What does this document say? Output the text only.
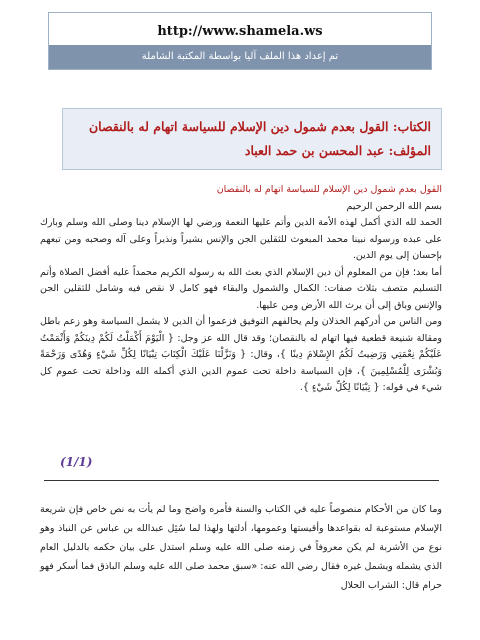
http://www.shamela.ws
تم إعداد هذا الملف آليا بواسطة المكتبة الشاملة
الكتاب: القول بعدم شمول دين الإسلام للسياسة اتهام له بالنقصان
المؤلف: عبد المحسن بن حمد العباد

القول بعدم شمول دين الإسلام للسياسة اتهام له بالنقصان

بسم الله الرحمن الرحيم

الحمد لله الذي أكمل لهذه الأمة الدين وأتم عليها النعمة ورضي لها الإسلام دينا وصلى الله وسلم وبارك على عبده ورسوله نبينا محمد المبعوث للثقلين الجن والإنس بشيراً ونذيراً وعلى آله وصحبه ومن تبعهم بإحسان إلى يوم الدين.

أما بعد؛ فإن من المعلوم أن دين الإسلام الذي بعث الله به رسوله الكريم محمداً عليه أفضل الصلاة وأتم التسليم متصف بثلاث صفات: الكمال والشمول والبقاء فهو كامل لا نقص فيه وشامل للثقلين الجن والإنس وباق إلى أن يرث الله الأرض ومن عليها.

ومن الناس من أدركهم الخذلان ولم يحالفهم التوفيق فزعموا أن الدين لا يشمل السياسة وهو زعم باطل ومقالة شنيعة قطعية فيها اتهام له بالنقصان؛ وقد قال الله عز وجل: { الْيَوْمَ أَكْمَلْتُ لَكُمْ دِينَكُمْ وَأَتْمَمْتُ عَلَيْكُمْ نِعْمَتِي وَرَضِيتُ لَكُمُ الإِسْلامَ دِينًا }، وقال: { وَنَزَّلْنَا عَلَيْكَ الْكِتَابَ تِبْيَانًا لِكُلِّ شَيْءٍ وَهُدًى وَرَحْمَةً وَبُشْرَى لِلْمُسْلِمِينَ }، فإن السياسة داخلة تحت عموم الدين الذي أكمله الله وداخلة تحت عموم كل شيء في قوله: { تِبْيَانًا لِكُلِّ شَيْءٍ }.

(1/1)

وما كان من الأحكام منصوصاً عليه في الكتاب والسنة فأمره واضح وما لم يأت به نص خاص فإن شريعة الإسلام مستوعبة له بقواعدها وأقيستها وعمومها، أدلتها ولهذا لما سُئِل عبدالله بن عباس عن النباذ وهو نوع من الأشربة لم يكن معروفاً في زمنه صلى الله عليه وسلم استدل على بيان حكمه بالدليل العام الذي يشمله ويشمل غيره فقال رضي الله عنه: «سبق محمد صلى الله عليه وسلم الباذق فما أسكر فهو حرام قال: الشراب الحلال
